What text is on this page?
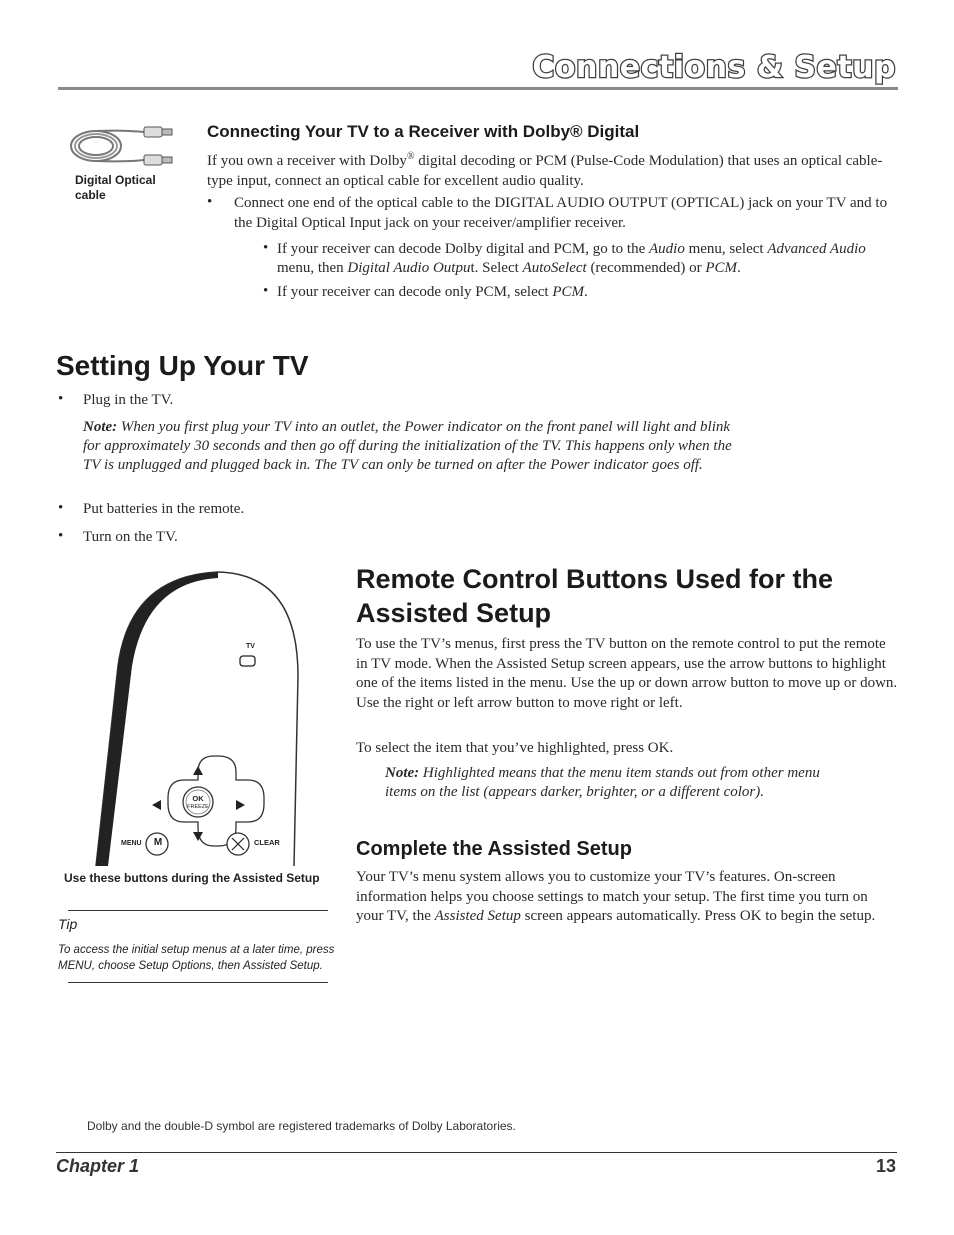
Connections & Setup
Digital Optical cable
Connecting Your TV to a Receiver with Dolby® Digital
If you own a receiver with Dolby® digital decoding or PCM (Pulse-Code Modulation) that uses an optical cable-type input, connect an optical cable for excellent audio quality.
• Connect one end of the optical cable to the DIGITAL AUDIO OUTPUT (OPTICAL) jack on your TV and to the Digital Optical Input jack on your receiver/amplifier receiver.
• If your receiver can decode Dolby digital and PCM, go to the Audio menu, select Advanced Audio menu, then Digital Audio Output. Select AutoSelect (recommended) or PCM.
• If your receiver can decode only PCM, select PCM.
Setting Up Your TV
• Plug in the TV.
Note: When you first plug your TV into an outlet, the Power indicator on the front panel will light and blink for approximately 30 seconds and then go off during the initialization of the TV. This happens only when the TV is unplugged and plugged back in. The TV can only be turned on after the Power indicator goes off.
• Put batteries in the remote.
• Turn on the TV.
TV
OK
FREEZE
MENU M	CLEAR
Use these buttons during the Assisted Setup
Remote Control Buttons Used for the Assisted Setup
To use the TV’s menus, first press the TV button on the remote control to put the remote in TV mode. When the Assisted Setup screen appears, use the arrow buttons to highlight one of the items listed in the menu. Use the up or down arrow button to move up or down. Use the right or left arrow button to move right or left.
To select the item that you’ve highlighted, press OK.
Note: Highlighted means that the menu item stands out from other menu items on the list (appears darker, brighter, or a different color).
Complete the Assisted Setup
Your TV’s menu system allows you to customize your TV’s features. On-screen information helps you choose settings to match your setup. The first time you turn on your TV, the Assisted Setup screen appears automatically. Press OK to begin the setup.
Tip
To access the initial setup menus at a later time, press MENU, choose Setup Options, then Assisted Setup.
Dolby and the double-D symbol are registered trademarks of Dolby Laboratories.
Chapter 1	13
